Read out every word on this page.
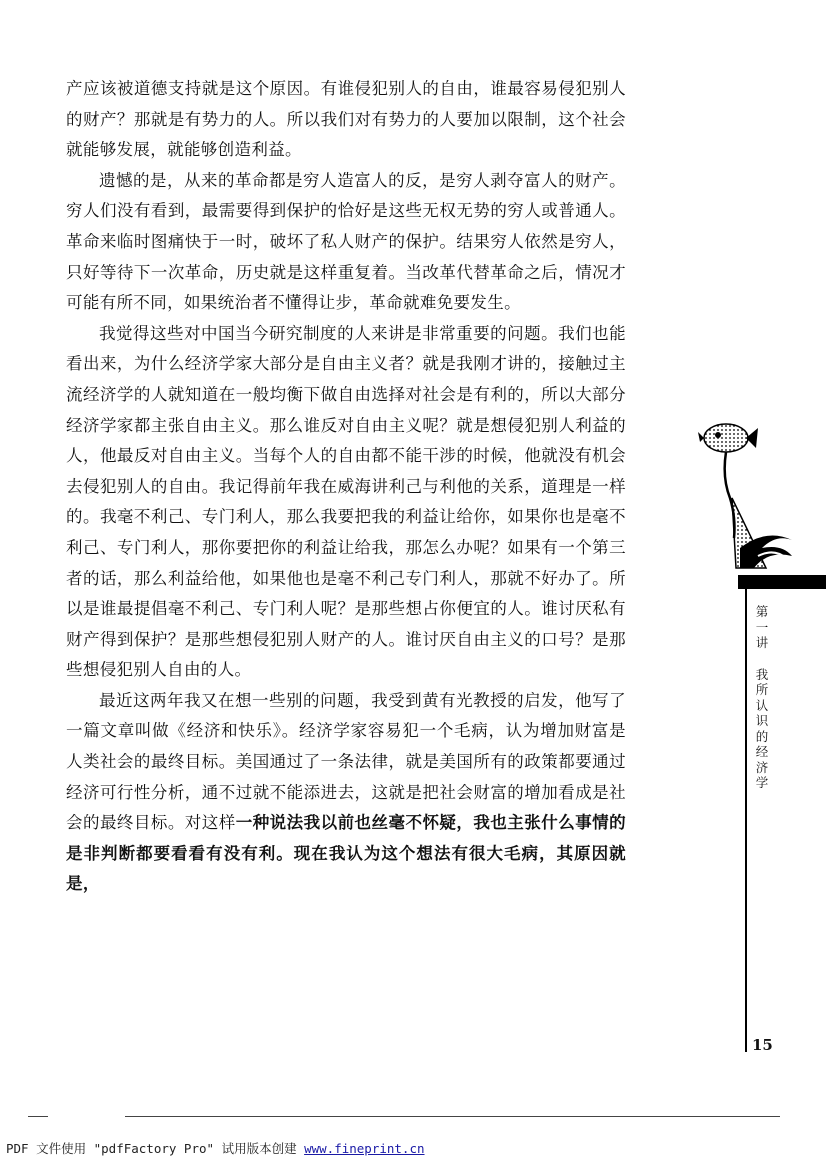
产应该被道德支持就是这个原因。有谁侵犯别人的自由，谁最容易侵犯别人的财产？那就是有势力的人。所以我们对有势力的人要加以限制，这个社会就能够发展，就能够创造利益。

遗憾的是，从来的革命都是穷人造富人的反，是穷人剥夺富人的财产。穷人们没有看到，最需要得到保护的恰好是这些无权无势的穷人或普通人。革命来临时图痛快于一时，破坏了私人财产的保护。结果穷人依然是穷人，只好等待下一次革命，历史就是这样重复着。当改革代替革命之后，情况才可能有所不同，如果统治者不懂得让步，革命就难免要发生。

我觉得这些对中国当今研究制度的人来讲是非常重要的问题。我们也能看出来，为什么经济学家大部分是自由主义者？就是我刚才讲的，接触过主流经济学的人就知道在一般均衡下做自由选择对社会是有利的，所以大部分经济学家都主张自由主义。那么谁反对自由主义呢？就是想侵犯别人利益的人，他最反对自由主义。当每个人的自由都不能干涉的时候，他就没有机会去侵犯别人的自由。我记得前年我在威海讲利己与利他的关系，道理是一样的。我毫不利己、专门利人，那么我要把我的利益让给你，如果你也是毫不利己、专门利人，那你要把你的利益让给我，那怎么办呢？如果有一个第三者的话，那么利益给他，如果他也是毫不利己专门利人，那就不好办了。所以是谁最提倡毫不利己、专门利人呢？是那些想占你便宜的人。谁讨厌私有财产得到保护？是那些想侵犯别人财产的人。谁讨厌自由主义的口号？是那些想侵犯别人自由的人。

最近这两年我又在想一些别的问题，我受到黄有光教授的启发，他写了一篇文章叫做《经济和快乐》。经济学家容易犯一个毛病，认为增加财富是人类社会的最终目标。美国通过了一条法律，就是美国所有的政策都要通过经济可行性分析，通不过就不能添进去，这就是把社会财富的增加看成是社会的最终目标。对这样一种说法我以前也丝毫不怀疑，我也主张什么事情的是非判断都要看看有没有利。现在我认为这个想法有很大毛病，其原因就是，

第
一
讲
我
所
认
识
的
经
济
学
15
PDF 文件使用 "pdfFactory Pro" 试用版本创建 www.fineprint.cn
